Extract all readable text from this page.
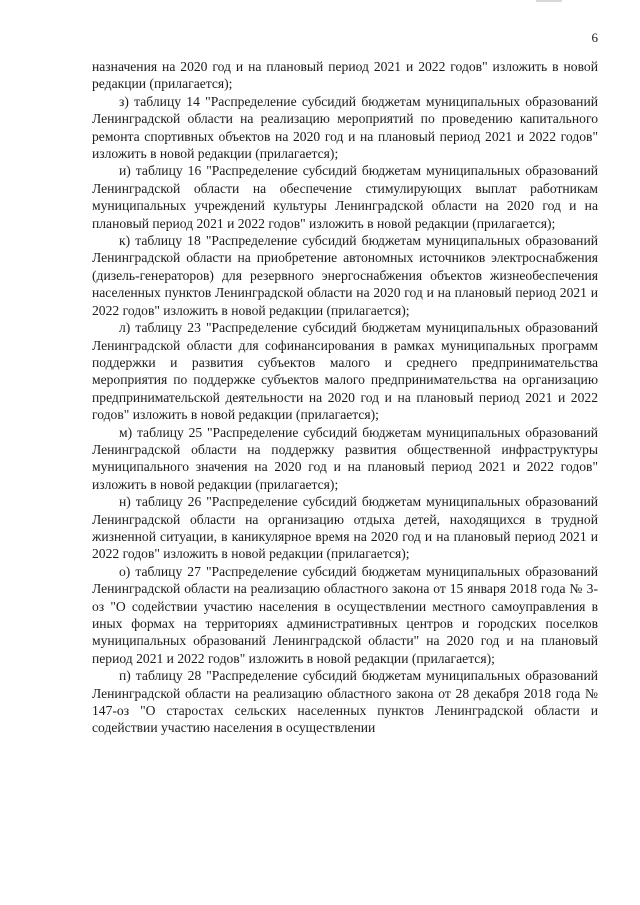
6

назначения на 2020 год и на плановый период 2021 и 2022 годов" изложить в новой редакции (прилагается);

з) таблицу 14 "Распределение субсидий бюджетам муниципальных образований Ленинградской области на реализацию мероприятий по проведению капитального ремонта спортивных объектов на 2020 год и на плановый период 2021 и 2022 годов" изложить в новой редакции (прилагается);

и) таблицу 16 "Распределение субсидий бюджетам муниципальных образований Ленинградской области на обеспечение стимулирующих выплат работникам муниципальных учреждений культуры Ленинградской области на 2020 год и на плановый период 2021 и 2022 годов" изложить в новой редакции (прилагается);

к) таблицу 18 "Распределение субсидий бюджетам муниципальных образований Ленинградской области на приобретение автономных источников электроснабжения (дизель-генераторов) для резервного энергоснабжения объектов жизнеобеспечения населенных пунктов Ленинградской области на 2020 год и на плановый период 2021 и 2022 годов" изложить в новой редакции (прилагается);

л) таблицу 23 "Распределение субсидий бюджетам муниципальных образований Ленинградской области для софинансирования в рамках муниципальных программ поддержки и развития субъектов малого и среднего предпринимательства мероприятия по поддержке субъектов малого предпринимательства на организацию предпринимательской деятельности на 2020 год и на плановый период 2021 и 2022 годов" изложить в новой редакции (прилагается);

м) таблицу 25 "Распределение субсидий бюджетам муниципальных образований Ленинградской области на поддержку развития общественной инфраструктуры муниципального значения на 2020 год и на плановый период 2021 и 2022 годов" изложить в новой редакции (прилагается);

н) таблицу 26 "Распределение субсидий бюджетам муниципальных образований Ленинградской области на организацию отдыха детей, находящихся в трудной жизненной ситуации, в каникулярное время на 2020 год и на плановый период 2021 и 2022 годов" изложить в новой редакции (прилагается);

о) таблицу 27 "Распределение субсидий бюджетам муниципальных образований Ленинградской области на реализацию областного закона от 15 января 2018 года № 3-оз "О содействии участию населения в осуществлении местного самоуправления в иных формах на территориях административных центров и городских поселков муниципальных образований Ленинградской области" на 2020 год и на плановый период 2021 и 2022 годов" изложить в новой редакции (прилагается);

п) таблицу 28 "Распределение субсидий бюджетам муниципальных образований Ленинградской области на реализацию областного закона от 28 декабря 2018 года № 147-оз "О старостах сельских населенных пунктов Ленинградской области и содействии участию населения в осуществлении
